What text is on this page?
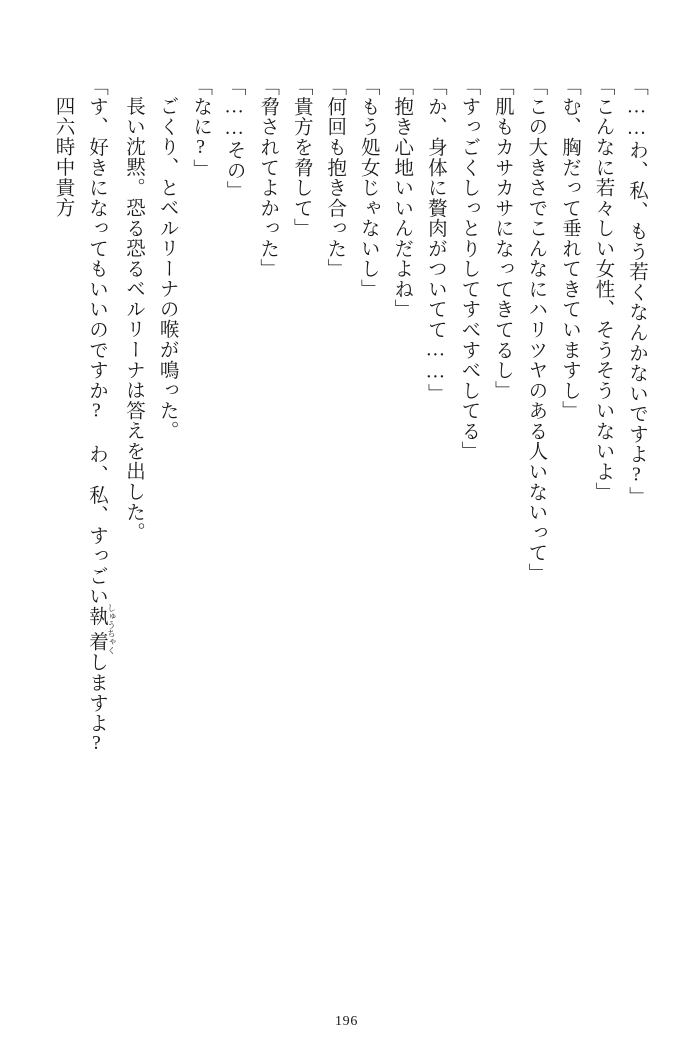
「……わ、私、もう若くなんかないですよ?」

「こんなに若々しい女性、そうそういないよ」

「む、胸だって垂れてきていますし」

「この大きさでこんなにハリツヤのある人いないって」

「肌もカサカサになってきてるし」

「すっごくしっとりしてすべすべしてる」

「か、身体に贅肉がついてて……」

「抱き心地いいんだよね」

「もう処女じゃないし」

「何回も抱き合った」

「貴方を脅して」

「脅されてよかった」

「……その」

「なに?」

ごくり、とベルリーナの喉が鳴った。

長い沈黙。恐る恐るベルリーナは答えを出した。

「す、好きになってもいいのですか? わ、私、すっごい執着 しゅうちゃくしますよ?

四六時中貴方

196
